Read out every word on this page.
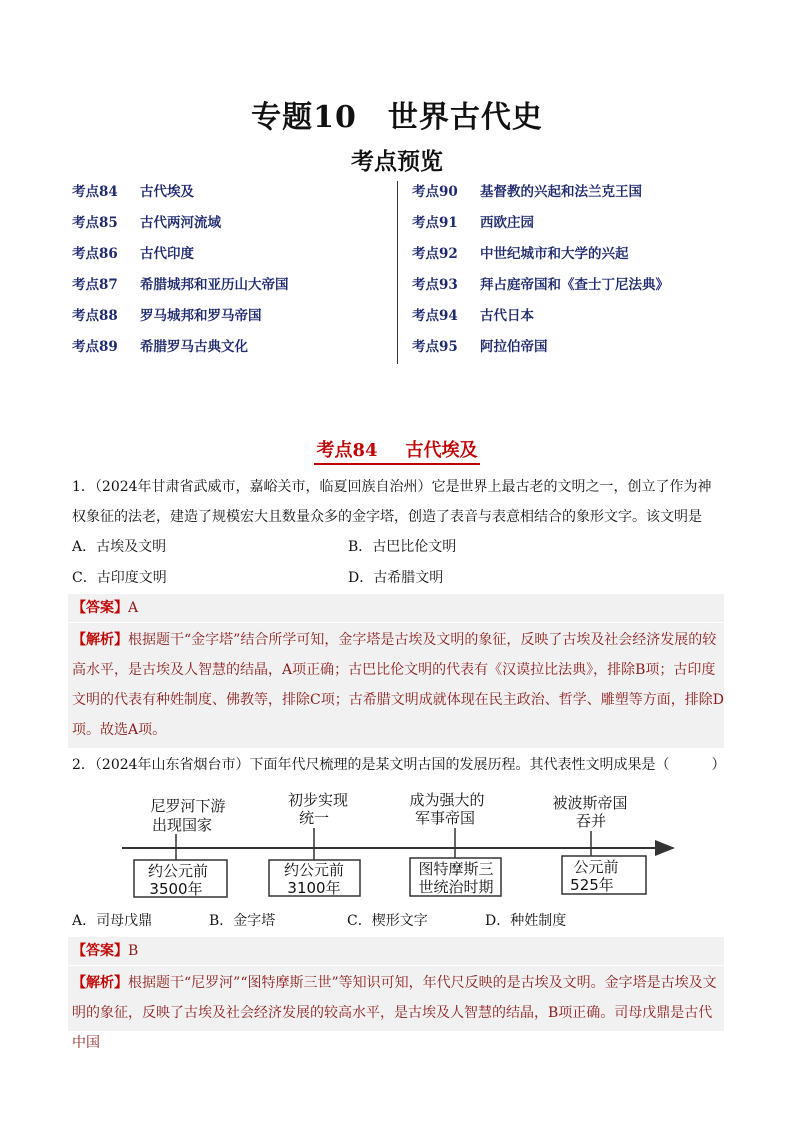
专题10　世界古代史
考点预览
考点84 古代埃及
考点85 古代两河流域
考点86 古代印度
考点87 希腊城邦和亚历山大帝国
考点88 罗马城邦和罗马帝国
考点89 希腊罗马古典文化
考点90 基督教的兴起和法兰克王国
考点91 西欧庄园
考点92 中世纪城市和大学的兴起
考点93 拜占庭帝国和《查士丁尼法典》
考点94 古代日本
考点95 阿拉伯帝国
考点84 古代埃及
1．（2024年甘肃省武威市，嘉峪关市，临夏回族自治州）它是世界上最古老的文明之一，创立了作为神权象征的法老，建造了规模宏大且数量众多的金字塔，创造了表音与表意相结合的象形文字。该文明是
A．古埃及文明	B．古巴比伦文明
C．古印度文明	D．古希腊文明
【答案】A
【解析】根据题干“金字塔”结合所学可知，金字塔是古埃及文明的象征，反映了古埃及社会经济发展的较高水平，是古埃及人智慧的结晶，A项正确；古巴比伦文明的代表有《汉谟拉比法典》，排除B项；古印度文明的代表有种姓制度、佛教等，排除C项；古希腊文明成就体现在民主政治、哲学、雕塑等方面，排除D项。故选A项。
2．（2024年山东省烟台市）下面年代尺梳理的是某文明古国的发展历程。其代表性文明成果是（　　　）
尼罗河下游
出现国家
约公元前
3500年
初步实现
统一
约公元前
3100年
成为强大的
军事帝国
图特摩斯三
世统治时期
被波斯帝国
吞并
公元前
525年
A．司母戊鼎	B．金字塔	C．楔形文字	D．种姓制度
【答案】B
【解析】根据题干“尼罗河”“图特摩斯三世”等知识可知，年代尺反映的是古埃及文明。金字塔是古埃及文明的象征，反映了古埃及社会经济发展的较高水平，是古埃及人智慧的结晶，B项正确。司母戊鼎是古代中国
